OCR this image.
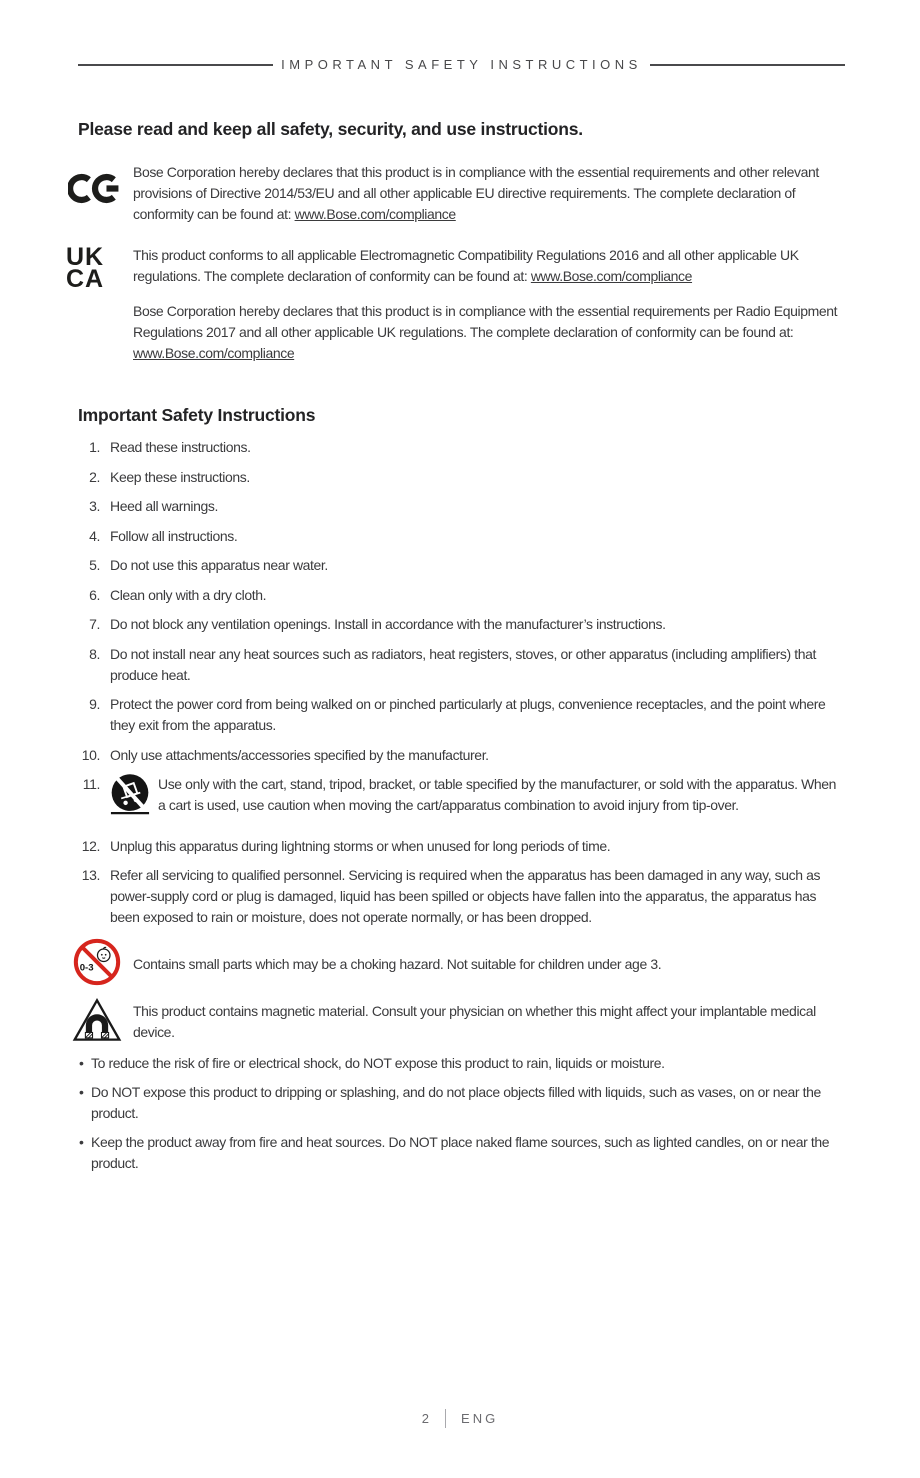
IMPORTANT SAFETY INSTRUCTIONS
Please read and keep all safety, security, and use instructions.
Bose Corporation hereby declares that this product is in compliance with the essential requirements and other relevant provisions of Directive 2014/53/EU and all other applicable EU directive requirements. The complete declaration of conformity can be found at: www.Bose.com/compliance
UK
CA
This product conforms to all applicable Electromagnetic Compatibility Regulations 2016 and all other applicable UK regulations. The complete declaration of conformity can be found at: www.Bose.com/compliance
Bose Corporation hereby declares that this product is in compliance with the essential requirements per Radio Equipment Regulations 2017 and all other applicable UK regulations. The complete declaration of conformity can be found at: www.Bose.com/compliance
Important Safety Instructions
1. Read these instructions.
2. Keep these instructions.
3. Heed all warnings.
4. Follow all instructions.
5. Do not use this apparatus near water.
6. Clean only with a dry cloth.
7. Do not block any ventilation openings. Install in accordance with the manufacturer’s instructions.
8. Do not install near any heat sources such as radiators, heat registers, stoves, or other apparatus (including amplifiers) that produce heat.
9. Protect the power cord from being walked on or pinched particularly at plugs, convenience receptacles, and the point where they exit from the apparatus.
10. Only use attachments/accessories specified by the manufacturer.
11.	Use only with the cart, stand, tripod, bracket, or table specified by the manufacturer, or sold with the apparatus. When a cart is used, use caution when moving the cart/apparatus combination to avoid injury from tip-over.
12. Unplug this apparatus during lightning storms or when unused for long periods of time.
13. Refer all servicing to qualified personnel. Servicing is required when the apparatus has been damaged in any way, such as power-supply cord or plug is damaged, liquid has been spilled or objects have fallen into the apparatus, the apparatus has been exposed to rain or moisture, does not operate normally, or has been dropped.
0-3	Contains small parts which may be a choking hazard. Not suitable for children under age 3.
This product contains magnetic material. Consult your physician on whether this might affect your implantable medical device.
• To reduce the risk of fire or electrical shock, do NOT expose this product to rain, liquids or moisture.
• Do NOT expose this product to dripping or splashing, and do not place objects filled with liquids, such as vases, on or near the product.
• Keep the product away from fire and heat sources. Do NOT place naked flame sources, such as lighted candles, on or near the product.
2 ENG
